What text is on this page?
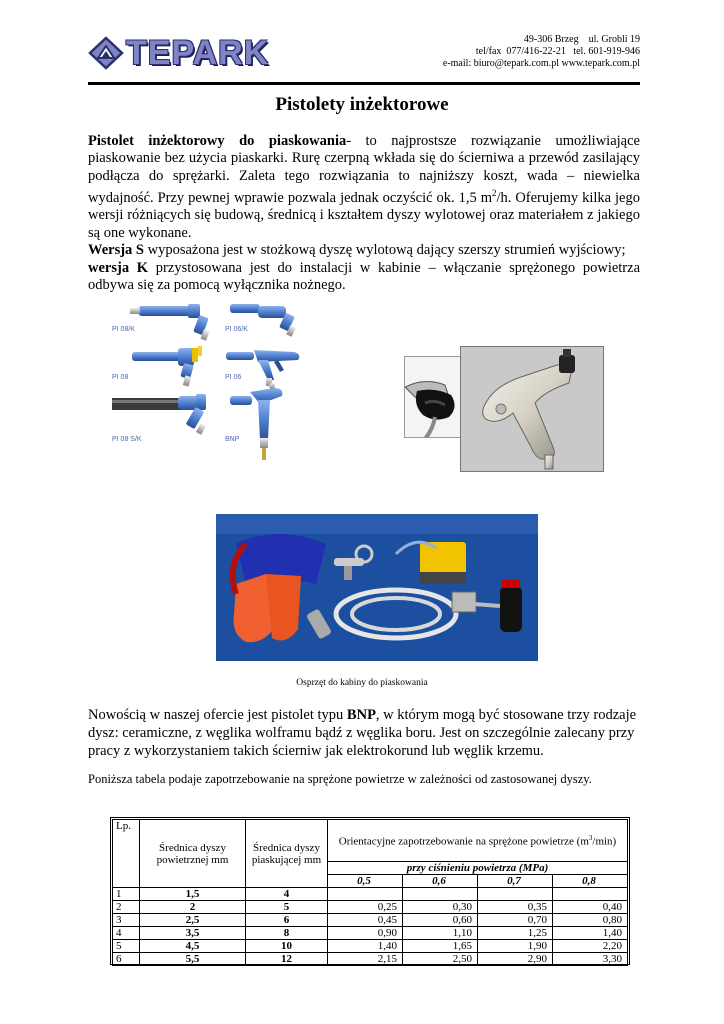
TEPARK	49-306 Brzeg    ul. Grobli 19
tel/fax  077/416-22-21   tel. 601-919-946
e-mail: biuro@tepark.com.pl www.tepark.com.pl
Pistolety inżektorowe
Pistolet inżektorowy do piaskowania- to najprostsze rozwiązanie umożliwiające piaskowanie bez użycia piaskarki. Rurę czerpną wkłada się do ścierniwa a przewód zasilający podłącza do sprężarki. Zaleta tego rozwiązania to najniższy koszt, wada – niewielka wydajność. Przy pewnej wprawie pozwala jednak oczyścić ok. 1,5 $m^2/h$. Oferujemy kilka jego wersji różniących się budową, średnicą i kształtem dyszy wylotowej oraz materiałem z jakiego są one wykonane.
Wersja S wyposażona jest w stożkową dyszę wylotową dający szerszy strumień wyjściowy;
wersja K przystosowana jest do instalacji w kabinie – włączanie sprężonego powietrza odbywa się za pomocą wyłącznika nożnego.
PI 08/K	PI 06/K
PI 08	PI 06
PI 08 S/K	BNP
Osprzęt do kabiny do piaskowania
Nowością w naszej ofercie jest pistolet typu BNP, w którym mogą być stosowane trzy rodzaje dysz: ceramiczne, z węglika wolframu bądź z węglika boru. Jest on szczególnie zalecany przy pracy z wykorzystaniem takich ścierniw jak elektrokorund lub węglik krzemu.
Poniższa tabela podaje zapotrzebowanie na sprężone powietrze w zależności od zastosowanej dyszy.
Lp.	Średnica dyszy powietrznej mm	Średnica dyszy piaskującej mm	Orientacyjne zapotrzebowanie na sprężone powietrze $(m^3/\min)$			
			przy ciśnieniu powietrza (MPa)			
			0,5	0,6	0,7	0,8
1	1,5	4				
2	2	5	0,25	0,30	0,35	0,40
3	2,5	6	0,45	0,60	0,70	0,80
4	3,5	8	0,90	1,10	1,25	1,40
5	4,5	10	1,40	1,65	1,90	2,20
6	5,5	12	2,15	2,50	2,90	3,30
